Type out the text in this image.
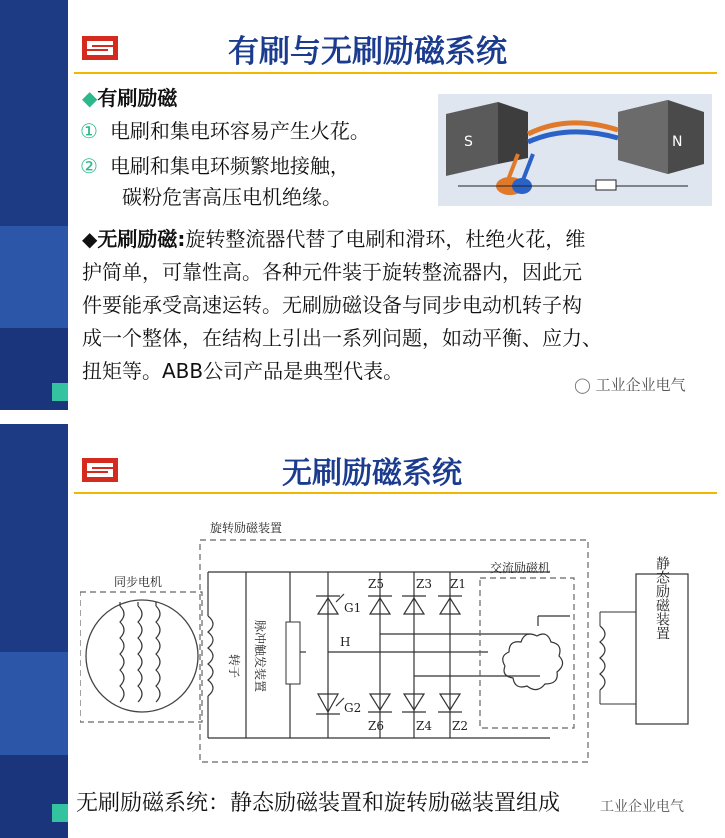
有刷与无刷励磁系统
◆有刷励磁
① 电刷和集电环容易产生火花。
② 电刷和集电环频繁地接触，
碳粉危害高压电机绝缘。
S	N
◆无刷励磁:旋转整流器代替了电刷和滑环，杜绝火花，维
护简单，可靠性高。各种元件装于旋转整流器内，因此元
件要能承受高速运转。无刷励磁设备与同步电动机转子构
成一个整体，在结构上引出一系列问题，如动平衡、应力、
扭矩等。ABB公司产品是典型代表。
◯ 工业企业电气
无刷励磁系统
旋转励磁装置
同步电机
转子 脉冲触发装置
G1
G2
H
Z5	Z3 Z1
Z6	Z4 Z2
交流励磁机	静态励磁装置
无刷励磁系统：静态励磁装置和旋转励磁装置组成	工业企业电气
